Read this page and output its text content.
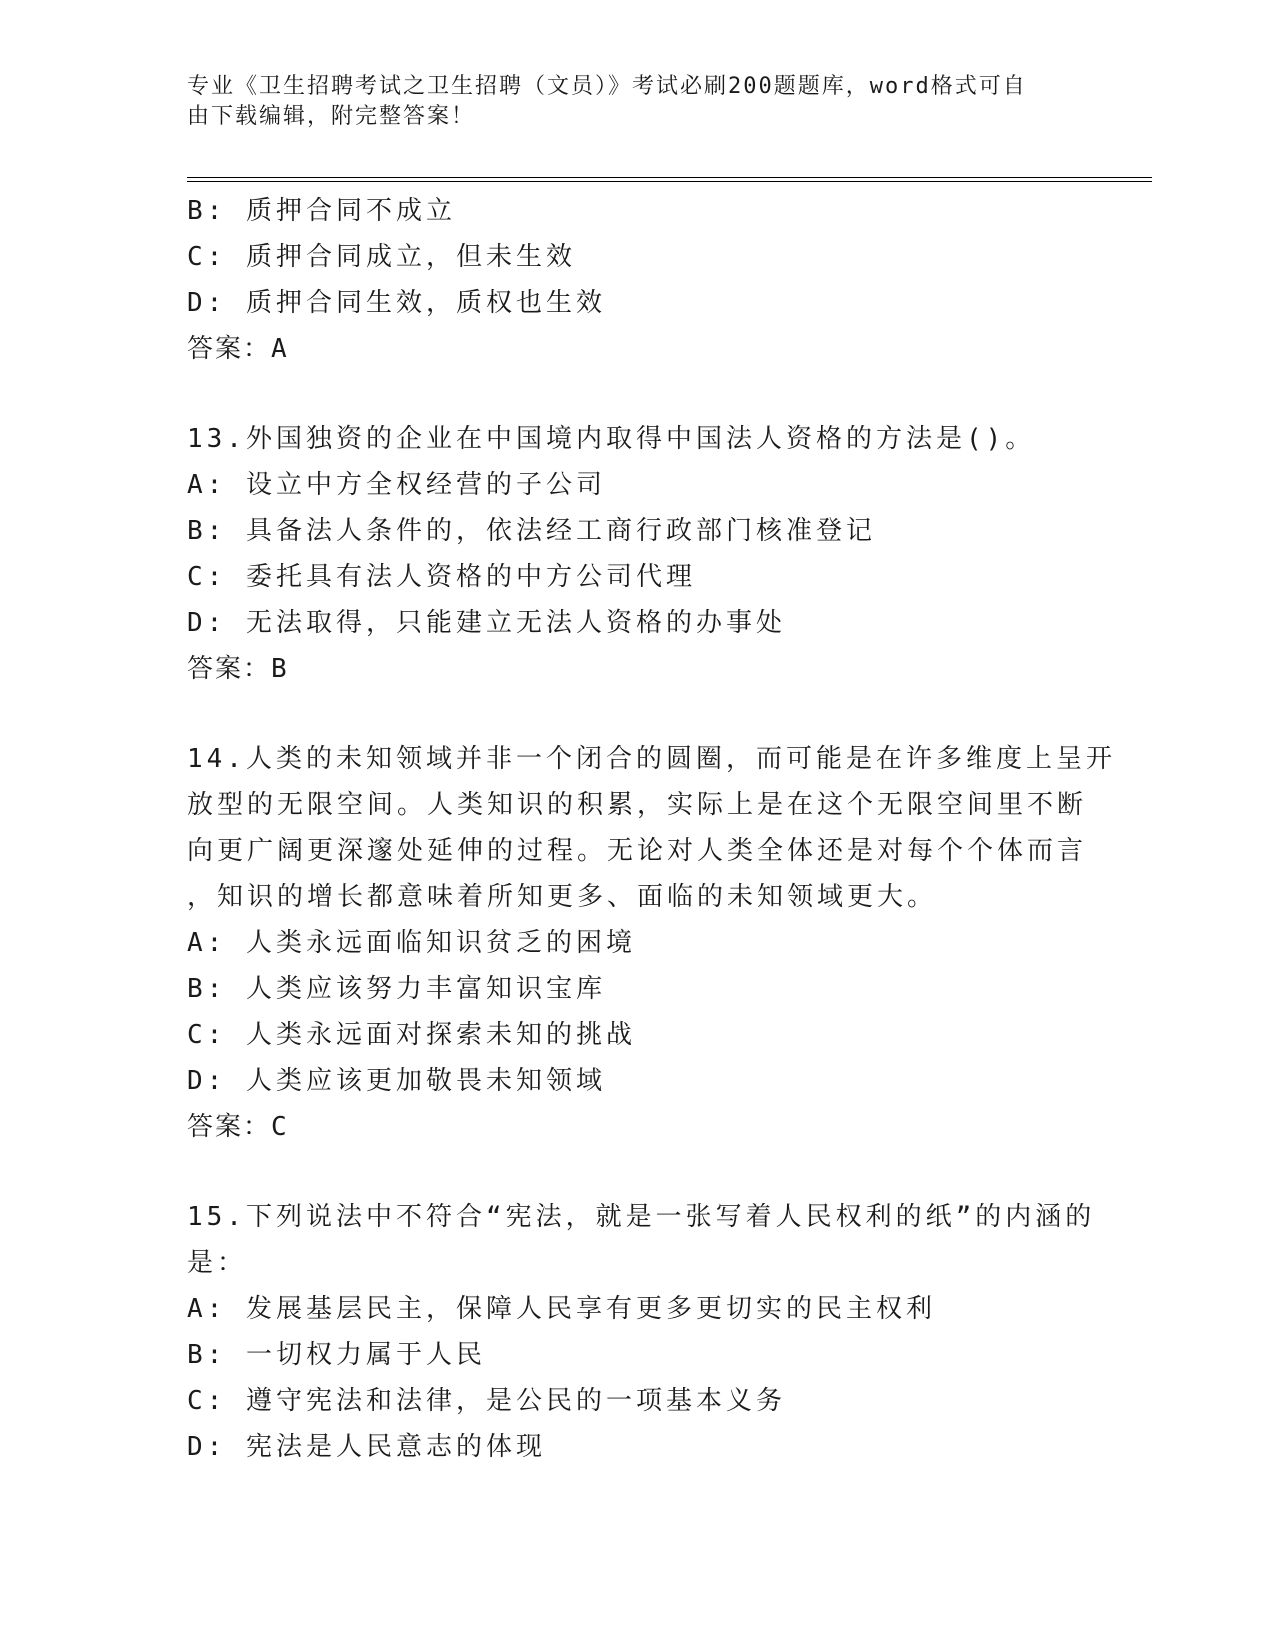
专业《卫生招聘考试之卫生招聘（文员）》考试必刷200题题库，word格式可自
由下载编辑，附完整答案！
B: 质押合同不成立
C: 质押合同成立，但未生效
D: 质押合同生效，质权也生效
答案：A
13.外国独资的企业在中国境内取得中国法人资格的方法是()。
A: 设立中方全权经营的子公司
B: 具备法人条件的，依法经工商行政部门核准登记
C: 委托具有法人资格的中方公司代理
D: 无法取得，只能建立无法人资格的办事处
答案：B
14.人类的未知领域并非一个闭合的圆圈，而可能是在许多维度上呈开
放型的无限空间。人类知识的积累，实际上是在这个无限空间里不断
向更广阔更深邃处延伸的过程。无论对人类全体还是对每个个体而言
，知识的增长都意味着所知更多、面临的未知领域更大。
A: 人类永远面临知识贫乏的困境
B: 人类应该努力丰富知识宝库
C: 人类永远面对探索未知的挑战
D: 人类应该更加敬畏未知领域
答案：C
15.下列说法中不符合“宪法，就是一张写着人民权利的纸”的内涵的
是：
A: 发展基层民主，保障人民享有更多更切实的民主权利
B: 一切权力属于人民
C: 遵守宪法和法律，是公民的一项基本义务
D: 宪法是人民意志的体现
